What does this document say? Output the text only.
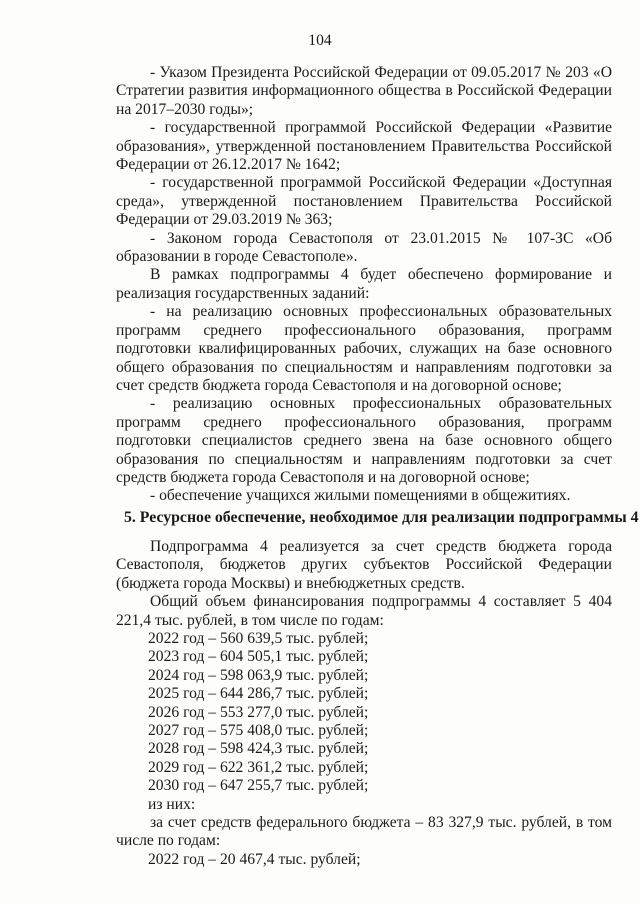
104

- Указом Президента Российской Федерации от 09.05.2017 № 203 «О Стратегии развития информационного общества в Российской Федерации на 2017–2030 годы»;

- государственной программой Российской Федерации «Развитие образования», утвержденной постановлением Правительства Российской Федерации от 26.12.2017 № 1642;

- государственной программой Российской Федерации «Доступная среда», утвержденной постановлением Правительства Российской Федерации от 29.03.2019 № 363;

- Законом города Севастополя от 23.01.2015 № 107-ЗС «Об образовании в городе Севастополе».

В рамках подпрограммы 4 будет обеспечено формирование и реализация государственных заданий:

- на реализацию основных профессиональных образовательных программ среднего профессионального образования, программ подготовки квалифицированных рабочих, служащих на базе основного общего образования по специальностям и направлениям подготовки за счет средств бюджета города Севастополя и на договорной основе;

- реализацию основных профессиональных образовательных программ среднего профессионального образования, программ подготовки специалистов среднего звена на базе основного общего образования по специальностям и направлениям подготовки за счет средств бюджета города Севастополя и на договорной основе;

- обеспечение учащихся жилыми помещениями в общежитиях.

5. Ресурсное обеспечение, необходимое для реализации подпрограммы 4

Подпрограмма 4 реализуется за счет средств бюджета города Севастополя, бюджетов других субъектов Российской Федерации (бюджета города Москвы) и внебюджетных средств.

Общий объем финансирования подпрограммы 4 составляет 5 404 221,4 тыс. рублей, в том числе по годам:

2022 год – 560 639,5 тыс. рублей;
2023 год – 604 505,1 тыс. рублей;
2024 год – 598 063,9 тыс. рублей;
2025 год – 644 286,7 тыс. рублей;
2026 год – 553 277,0 тыс. рублей;
2027 год – 575 408,0 тыс. рублей;
2028 год – 598 424,3 тыс. рублей;
2029 год – 622 361,2 тыс. рублей;
2030 год – 647 255,7 тыс. рублей;
из них:

за счет средств федерального бюджета – 83 327,9 тыс. рублей, в том числе по годам:

2022 год – 20 467,4 тыс. рублей;
